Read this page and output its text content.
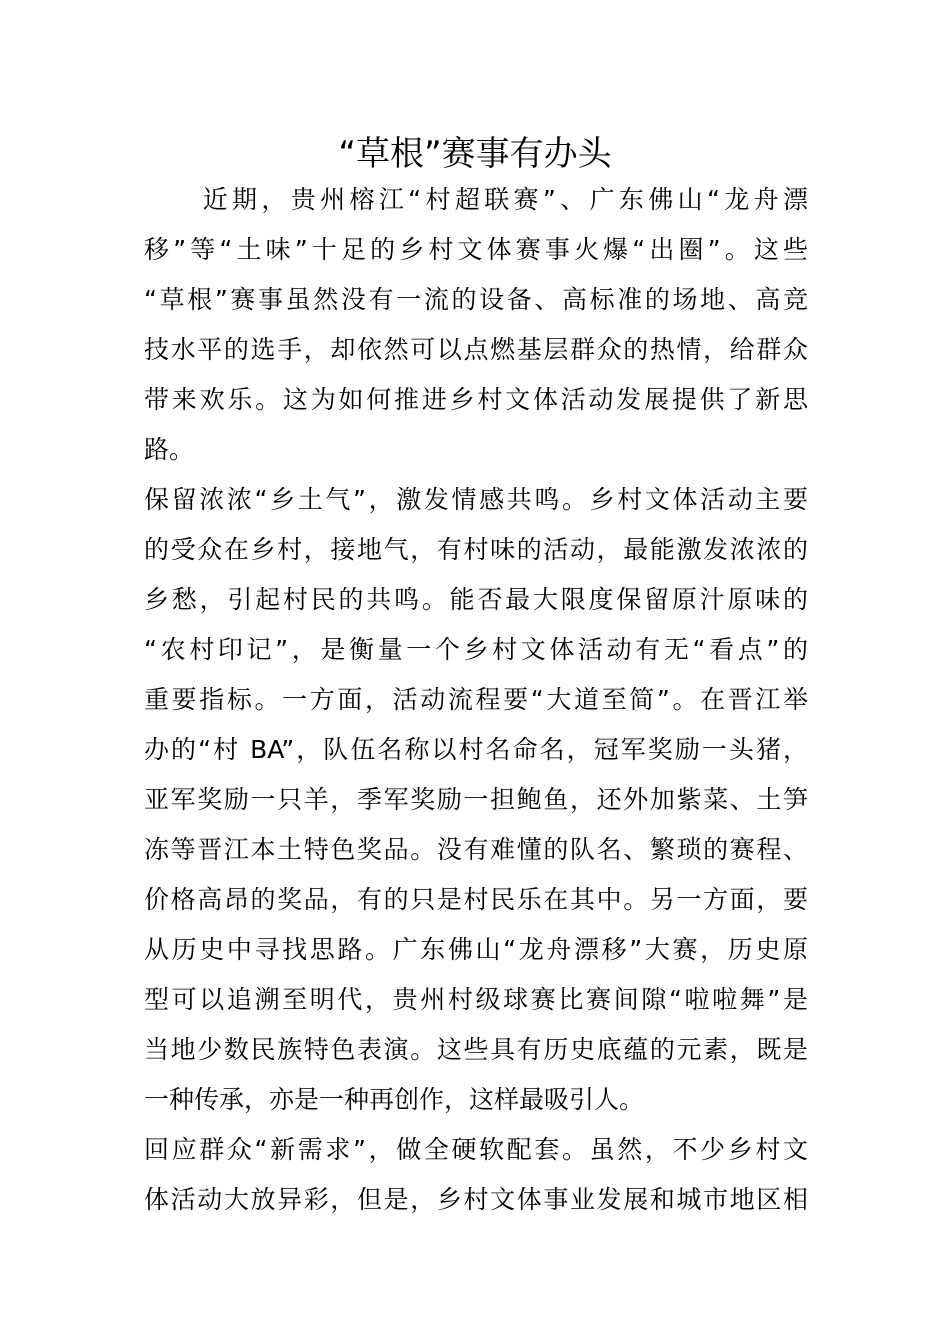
“草根”赛事有办头
　　近期，贵州榕江“村超联赛”、广东佛山“龙舟漂
移”等“土味”十足的乡村文体赛事火爆“出圈”。这些
“草根”赛事虽然没有一流的设备、高标准的场地、高竞
技水平的选手，却依然可以点燃基层群众的热情，给群众
带来欢乐。这为如何推进乡村文体活动发展提供了新思
路。
保留浓浓“乡土气”，激发情感共鸣。乡村文体活动主要
的受众在乡村，接地气，有村味的活动，最能激发浓浓的
乡愁，引起村民的共鸣。能否最大限度保留原汁原味的
“农村印记”，是衡量一个乡村文体活动有无“看点”的
重要指标。一方面，活动流程要“大道至简”。在晋江举
办的“村 BA”，队伍名称以村名命名，冠军奖励一头猪，
亚军奖励一只羊，季军奖励一担鲍鱼，还外加紫菜、土笋
冻等晋江本土特色奖品。没有难懂的队名、繁琐的赛程、
价格高昂的奖品，有的只是村民乐在其中。另一方面，要
从历史中寻找思路。广东佛山“龙舟漂移”大赛，历史原
型可以追溯至明代，贵州村级球赛比赛间隙“啦啦舞”是
当地少数民族特色表演。这些具有历史底蕴的元素，既是
一种传承，亦是一种再创作，这样最吸引人。
回应群众“新需求”，做全硬软配套。虽然，不少乡村文
体活动大放异彩，但是，乡村文体事业发展和城市地区相
